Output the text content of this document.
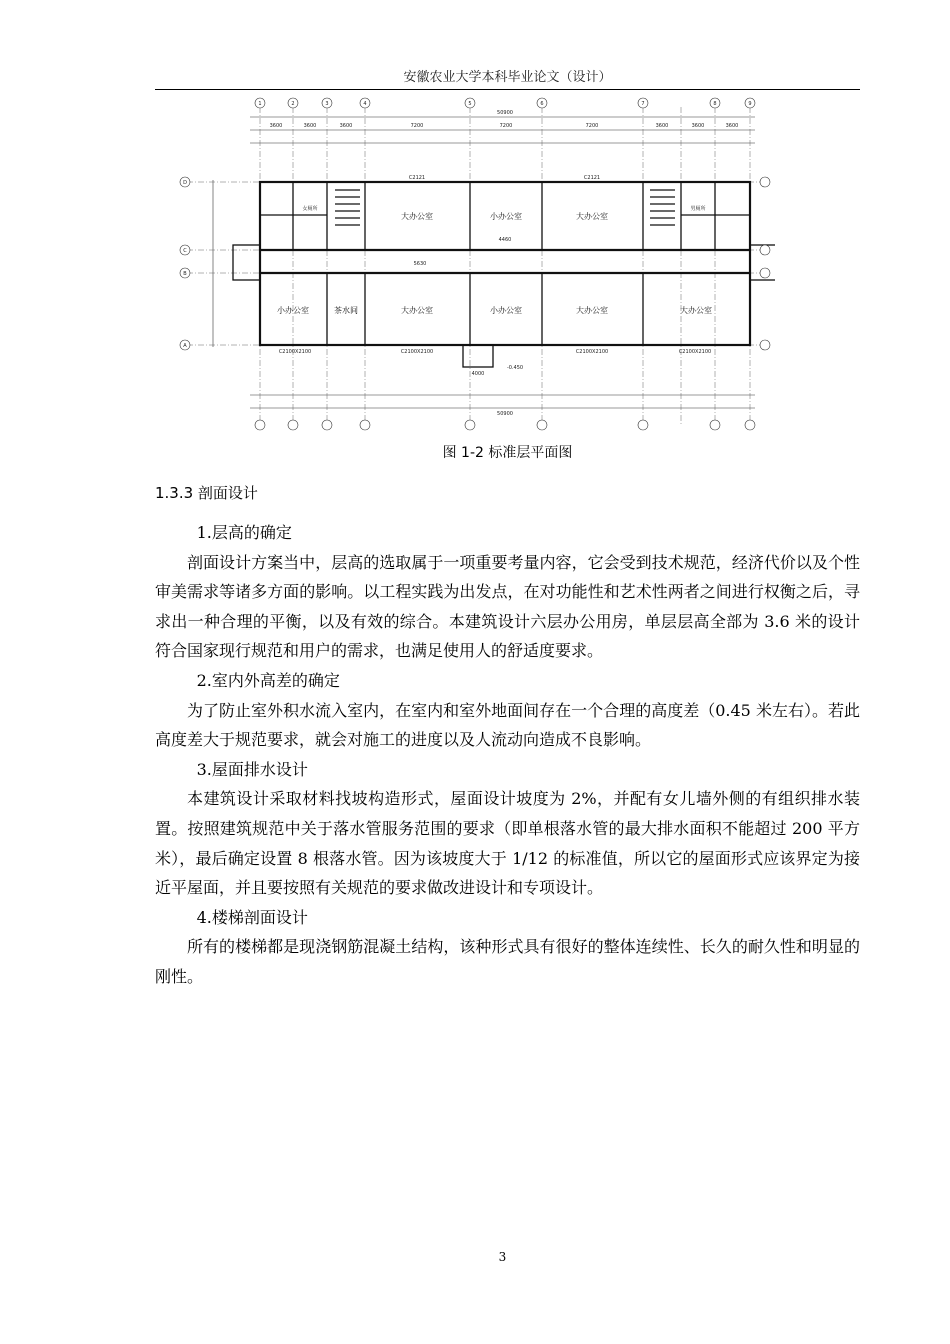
安徽农业大学本科毕业论文（设计）
1	2	3	4	5	6	7	8	9
D
C
B
A
50900
50900
3600	3600	3600	7200	7200	7200	3600	3600	3600
C2121	C2121
4460
5630
C2100X2100	C2100X2100	C2100X2100	C2100X2100
4000
-0.450
大办公室	小办公室	大办公室
小办公室	茶水间	大办公室	小办公室	大办公室	大办公室
女厕所	男厕所
图 1-2 标准层平面图
1.3.3 剖面设计

1.层高的确定

剖面设计方案当中，层高的选取属于一项重要考量内容，它会受到技术规范，经济代价以及个性审美需求等诸多方面的影响。以工程实践为出发点，在对功能性和艺术性两者之间进行权衡之后，寻求出一种合理的平衡，以及有效的综合。本建筑设计六层办公用房，单层层高全部为 3.6 米的设计符合国家现行规范和用户的需求，也满足使用人的舒适度要求。

2.室内外高差的确定

为了防止室外积水流入室内，在室内和室外地面间存在一个合理的高度差（0.45 米左右）。若此高度差大于规范要求，就会对施工的进度以及人流动向造成不良影响。

3.屋面排水设计

本建筑设计采取材料找坡构造形式，屋面设计坡度为 2%，并配有女儿墙外侧的有组织排水装置。按照建筑规范中关于落水管服务范围的要求（即单根落水管的最大排水面积不能超过 200 平方米），最后确定设置 8 根落水管。因为该坡度大于 1/12 的标准值，所以它的屋面形式应该界定为接近平屋面，并且要按照有关规范的要求做改进设计和专项设计。

4.楼梯剖面设计

所有的楼梯都是现浇钢筋混凝土结构，该种形式具有很好的整体连续性、长久的耐久性和明显的刚性。

3
